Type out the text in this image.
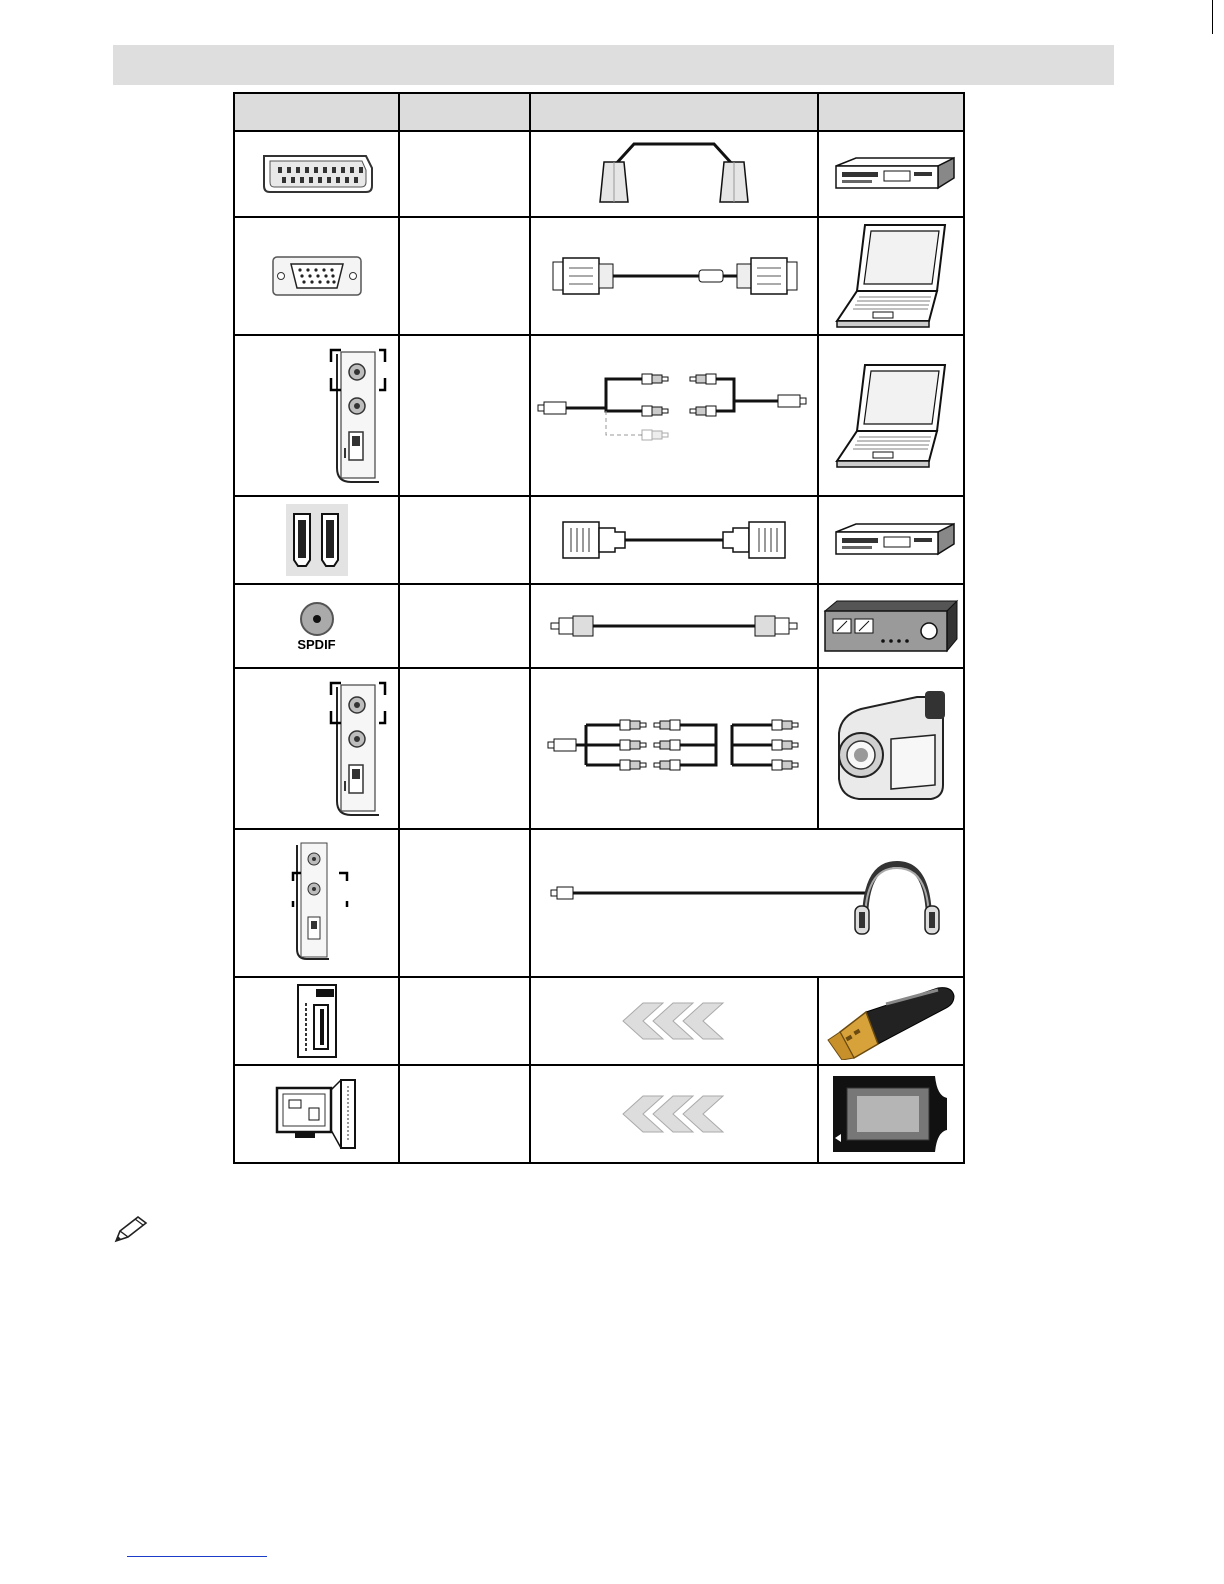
SPDIF
